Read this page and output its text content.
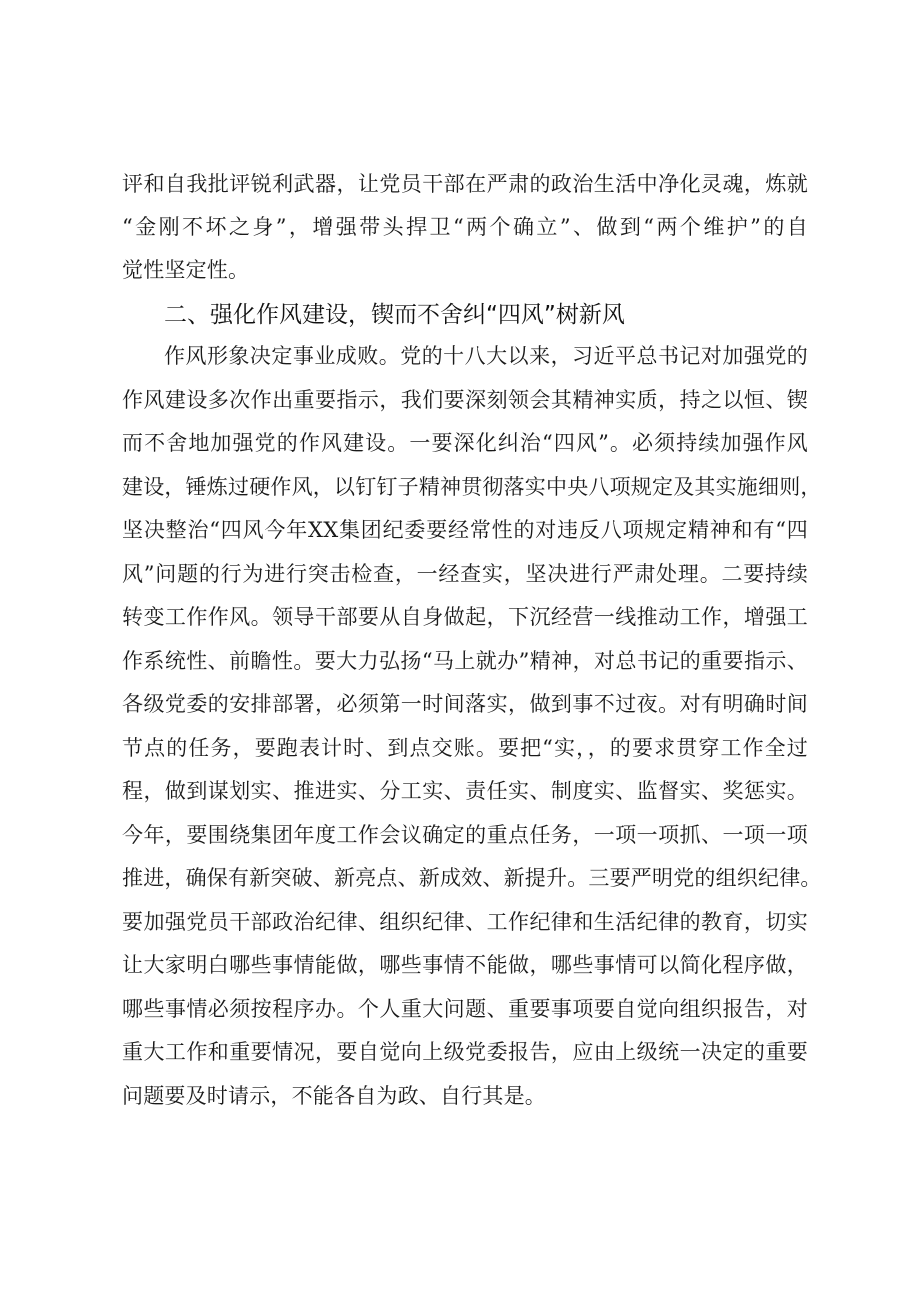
评和自我批评锐利武器，让党员干部在严肃的政治生活中净化灵魂，炼就
“金刚不坏之身”，增强带头捍卫“两个确立”、做到“两个维护”的自
觉性坚定性。
二、强化作风建设，锲而不舍纠“四风”树新风
作风形象决定事业成败。党的十八大以来，习近平总书记对加强党的
作风建设多次作出重要指示，我们要深刻领会其精神实质，持之以恒、锲
而不舍地加强党的作风建设。一要深化纠治“四风”。必须持续加强作风
建设，锤炼过硬作风，以钉钉子精神贯彻落实中央八项规定及其实施细则，
坚决整治“四风今年XX集团纪委要经常性的对违反八项规定精神和有“四
风”问题的行为进行突击检查，一经查实，坚决进行严肃处理。二要持续
转变工作作风。领导干部要从自身做起，下沉经营一线推动工作，增强工
作系统性、前瞻性。要大力弘扬“马上就办”精神，对总书记的重要指示、
各级党委的安排部署，必须第一时间落实，做到事不过夜。对有明确时间
节点的任务，要跑表计时、到点交账。要把“实，，的要求贯穿工作全过
程，做到谋划实、推进实、分工实、责任实、制度实、监督实、奖惩实。
今年，要围绕集团年度工作会议确定的重点任务，一项一项抓、一项一项
推进，确保有新突破、新亮点、新成效、新提升。三要严明党的组织纪律。
要加强党员干部政治纪律、组织纪律、工作纪律和生活纪律的教育，切实
让大家明白哪些事情能做，哪些事情不能做，哪些事情可以简化程序做，
哪些事情必须按程序办。个人重大问题、重要事项要自觉向组织报告，对
重大工作和重要情况，要自觉向上级党委报告，应由上级统一决定的重要
问题要及时请示，不能各自为政、自行其是。
